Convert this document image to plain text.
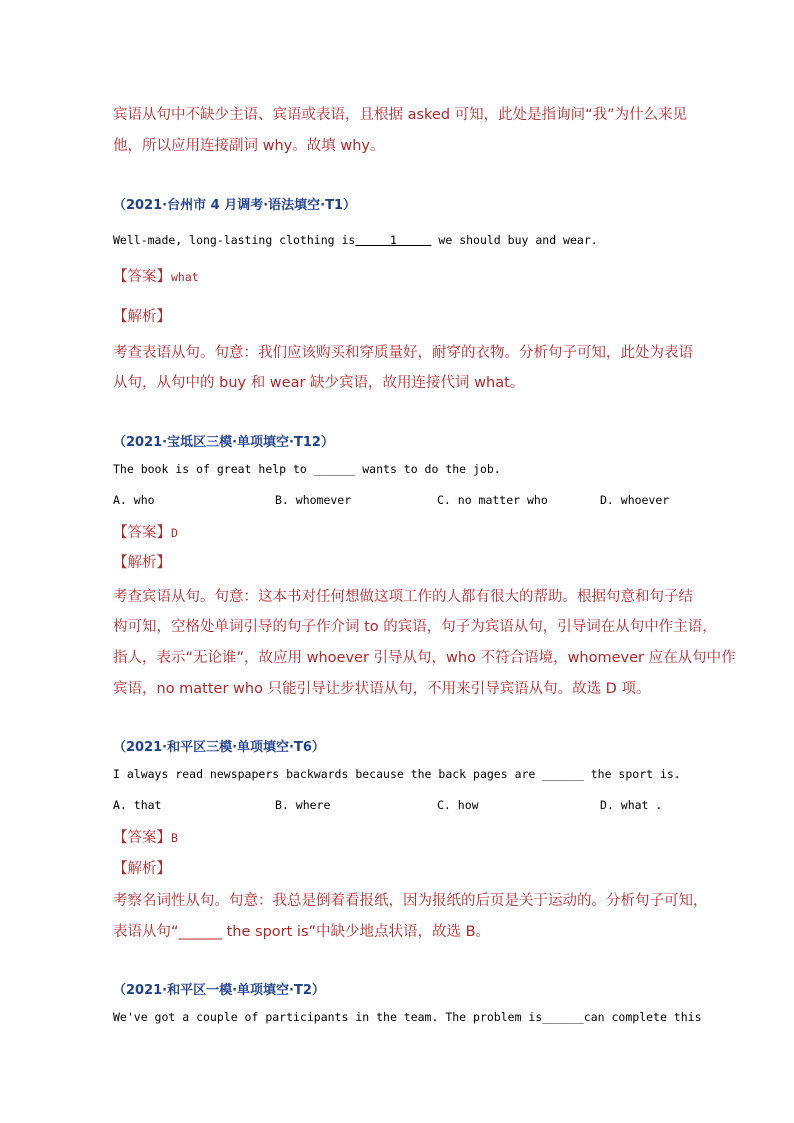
宾语从句中不缺少主语、宾语或表语，且根据 asked 可知，此处是指询问“我”为什么来见
他，所以应用连接副词 why。故填 why。
（2021·台州市 4 月调考·语法填空·T1）
Well-made, long-lasting clothing is     1      we should buy and wear.
【答案】what
【解析】
考查表语从句。句意：我们应该购买和穿质量好，耐穿的衣物。分析句子可知，此处为表语
从句，从句中的 buy 和 wear 缺少宾语，故用连接代词 what。
（2021·宝坻区三模·单项填空·T12）
The book is of great help to ______ wants to do the job.
A. who	B. whomever	C. no matter who	D. whoever
【答案】D
【解析】
考查宾语从句。句意：这本书对任何想做这项工作的人都有很大的帮助。根据句意和句子结
构可知，空格处单词引导的句子作介词 to 的宾语，句子为宾语从句，引导词在从句中作主语，
指人，表示“无论谁”，故应用 whoever 引导从句，who 不符合语境，whomever 应在从句中作
宾语，no matter who 只能引导让步状语从句，不用来引导宾语从句。故选 D 项。
（2021·和平区三模·单项填空·T6）
I always read newspapers backwards because the back pages are ______ the sport is.
A. that	B. where	C. how	D. what .
【答案】B
【解析】
考察名词性从句。句意：我总是倒着看报纸，因为报纸的后页是关于运动的。分析句子可知，
表语从句“______ the sport is”中缺少地点状语，故选 B。
（2021·和平区一模·单项填空·T2）
We've got a couple of participants in the team. The problem is______can complete this
